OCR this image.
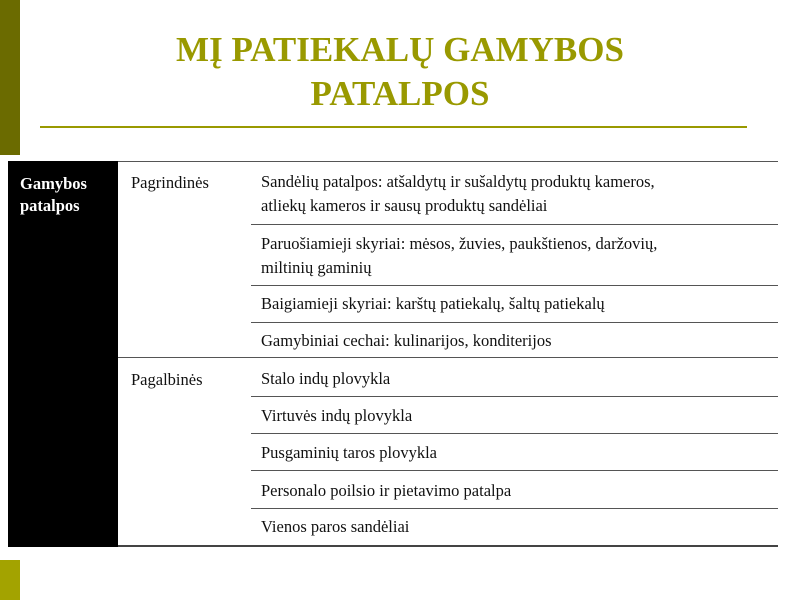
MĮ PATIEKALŲ GAMYBOS
PATALPOS
Gamybos
patalpos
Pagrindinės	Sandėlių patalpos: atšaldytų ir sušaldytų produktų kameros,
atliekų kameros ir sausų produktų sandėliai
Paruošiamieji skyriai: mėsos, žuvies, paukštienos, daržovių,
miltinių gaminių
Baigiamieji skyriai: karštų patiekalų, šaltų patiekalų
Gamybiniai cechai: kulinarijos, konditerijos
Pagalbinės	Stalo indų plovykla
Virtuvės indų plovykla
Pusgaminių taros plovykla
Personalo poilsio ir pietavimo patalpa
Vienos paros sandėliai
